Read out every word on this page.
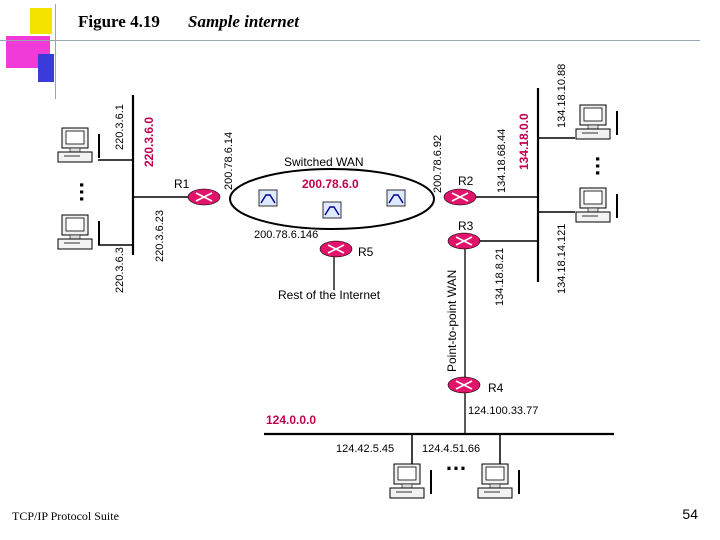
Figure 4.19 Sample internet
…
…
…
R1	R2
R3
R4
R5
220.3.6.0
200.78.6.0
134.18.0.0
124.0.0.0
Switched WAN
Rest of the Internet	Point-to-point WAN
220.3.6.1
220.3.6.3
220.3.6.23
200.78.6.14	200.78.6.92
200.78.6.146
134.18.68.44
134.18.8.21
134.18.10.88
134.18.14.121
124.100.33.77
124.42.5.45	124.4.51.66
TCP/IP Protocol Suite	54
